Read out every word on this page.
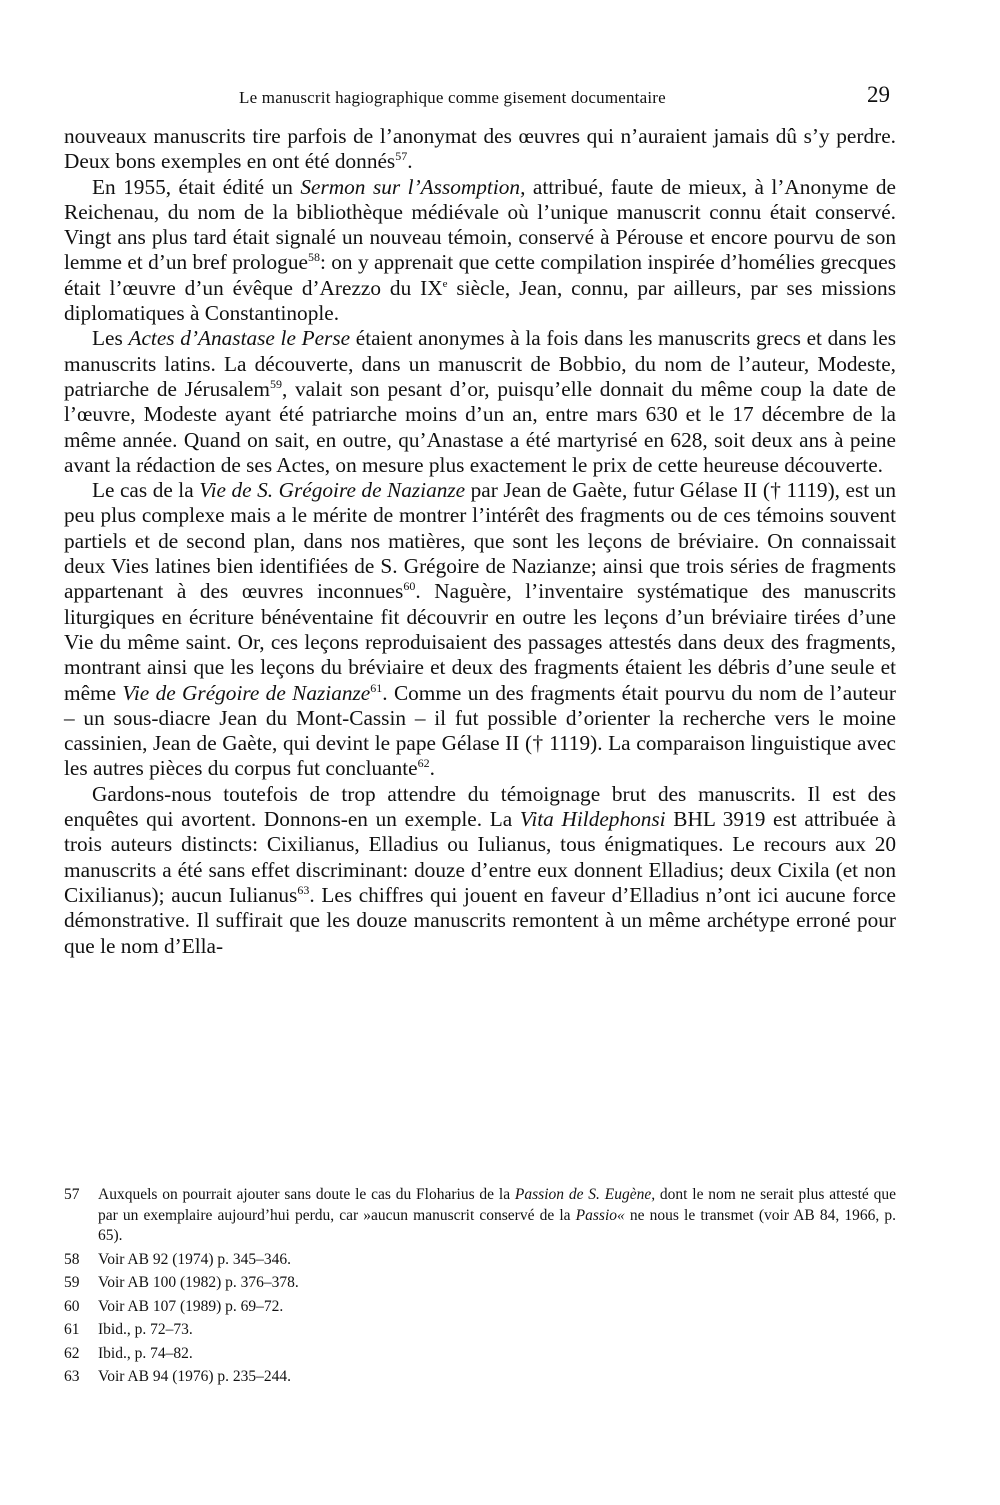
Le manuscrit hagiographique comme gisement documentaire	29

nouveaux manuscrits tire parfois de l’anonymat des œuvres qui n’auraient jamais dû s’y perdre. Deux bons exemples en ont été donnés$^{57}$.

En 1955, était édité un Sermon sur l’Assomption, attribué, faute de mieux, à l’Anonyme de Reichenau, du nom de la bibliothèque médiévale où l’unique manuscrit connu était conservé. Vingt ans plus tard était signalé un nouveau témoin, conservé à Pérouse et encore pourvu de son lemme et d’un bref prologue$^{58}$: on y apprenait que cette compilation inspirée d’homélies grecques était l’œuvre d’un évêque d’Arezzo du IXe siècle, Jean, connu, par ailleurs, par ses missions diplomatiques à Constantinople.

Les Actes d’Anastase le Perse étaient anonymes à la fois dans les manuscrits grecs et dans les manuscrits latins. La découverte, dans un manuscrit de Bobbio, du nom de l’auteur, Modeste, patriarche de Jérusalem$^{59}$, valait son pesant d’or, puisqu’elle donnait du même coup la date de l’œuvre, Modeste ayant été patriarche moins d’un an, entre mars 630 et le 17 décembre de la même année. Quand on sait, en outre, qu’Anastase a été martyrisé en 628, soit deux ans à peine avant la rédaction de ses Actes, on mesure plus exactement le prix de cette heureuse découverte.

Le cas de la Vie de S. Grégoire de Nazianze par Jean de Gaète, futur Gélase II († 1119), est un peu plus complexe mais a le mérite de montrer l’intérêt des fragments ou de ces témoins souvent partiels et de second plan, dans nos matières, que sont les leçons de bréviaire. On connaissait deux Vies latines bien identifiées de S. Grégoire de Nazianze; ainsi que trois séries de fragments appartenant à des œuvres inconnues$^{60}$. Naguère, l’inventaire systématique des manuscrits liturgiques en écriture bénéventaine fit découvrir en outre les leçons d’un bréviaire tirées d’une Vie du même saint. Or, ces leçons reproduisaient des passages attestés dans deux des fragments, montrant ainsi que les leçons du bréviaire et deux des fragments étaient les débris d’une seule et même Vie de Grégoire de Nazianze$^{61}$. Comme un des fragments était pourvu du nom de l’auteur – un sous-diacre Jean du Mont-Cassin – il fut possible d’orienter la recherche vers le moine cassinien, Jean de Gaète, qui devint le pape Gélase II († 1119). La comparaison linguistique avec les autres pièces du corpus fut concluante$^{62}$.

Gardons-nous toutefois de trop attendre du témoignage brut des manuscrits. Il est des enquêtes qui avortent. Donnons-en un exemple. La Vita Hildephonsi BHL 3919 est attribuée à trois auteurs distincts: Cixilianus, Elladius ou Iulianus, tous énigmatiques. Le recours aux 20 manuscrits a été sans effet discriminant: douze d’entre eux donnent Elladius; deux Cixila (et non Cixilianus); aucun Iulianus$^{63}$. Les chiffres qui jouent en faveur d’Elladius n’ont ici aucune force démonstrative. Il suffirait que les douze manuscrits remontent à un même archétype erroné pour que le nom d’Ella-

57	Auxquels on pourrait ajouter sans doute le cas du Floharius de la Passion de S. Eugène, dont le nom ne serait plus attesté que par un exemplaire aujourd’hui perdu, car »aucun manuscrit conservé de la Passio« ne nous le transmet (voir AB 84, 1966, p. 65).
58	Voir AB 92 (1974) p. 345–346.
59	Voir AB 100 (1982) p. 376–378.
60	Voir AB 107 (1989) p. 69–72.
61	Ibid., p. 72–73.
62	Ibid., p. 74–82.
63	Voir AB 94 (1976) p. 235–244.
